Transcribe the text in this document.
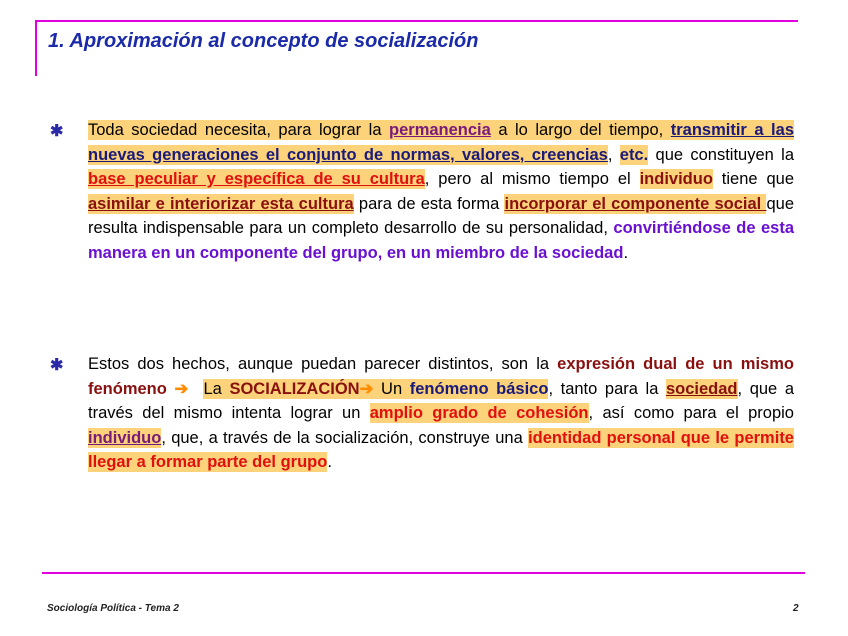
1. Aproximación al concepto de socialización
✱ Toda sociedad necesita, para lograr la permanencia a lo largo del tiempo, transmitir a las nuevas generaciones el conjunto de normas, valores, creencias, etc. que constituyen la base peculiar y específica de su cultura, pero al mismo tiempo el individuo tiene que asimilar e interiorizar esta cultura para de esta forma incorporar el componente social que resulta indispensable para un completo desarrollo de su personalidad, convirtiéndose de esta manera en un componente del grupo, en un miembro de la sociedad.

✱ Estos dos hechos, aunque puedan parecer distintos, son la expresión dual de un mismo fenómeno ➔ La SOCIALIZACIÓN➔ Un fenómeno básico, tanto para la sociedad, que a través del mismo intenta lograr un amplio grado de cohesión, así como para el propio individuo, que, a través de la socialización, construye una identidad personal que le permite llegar a formar parte del grupo.

Sociología Política - Tema 2	2
